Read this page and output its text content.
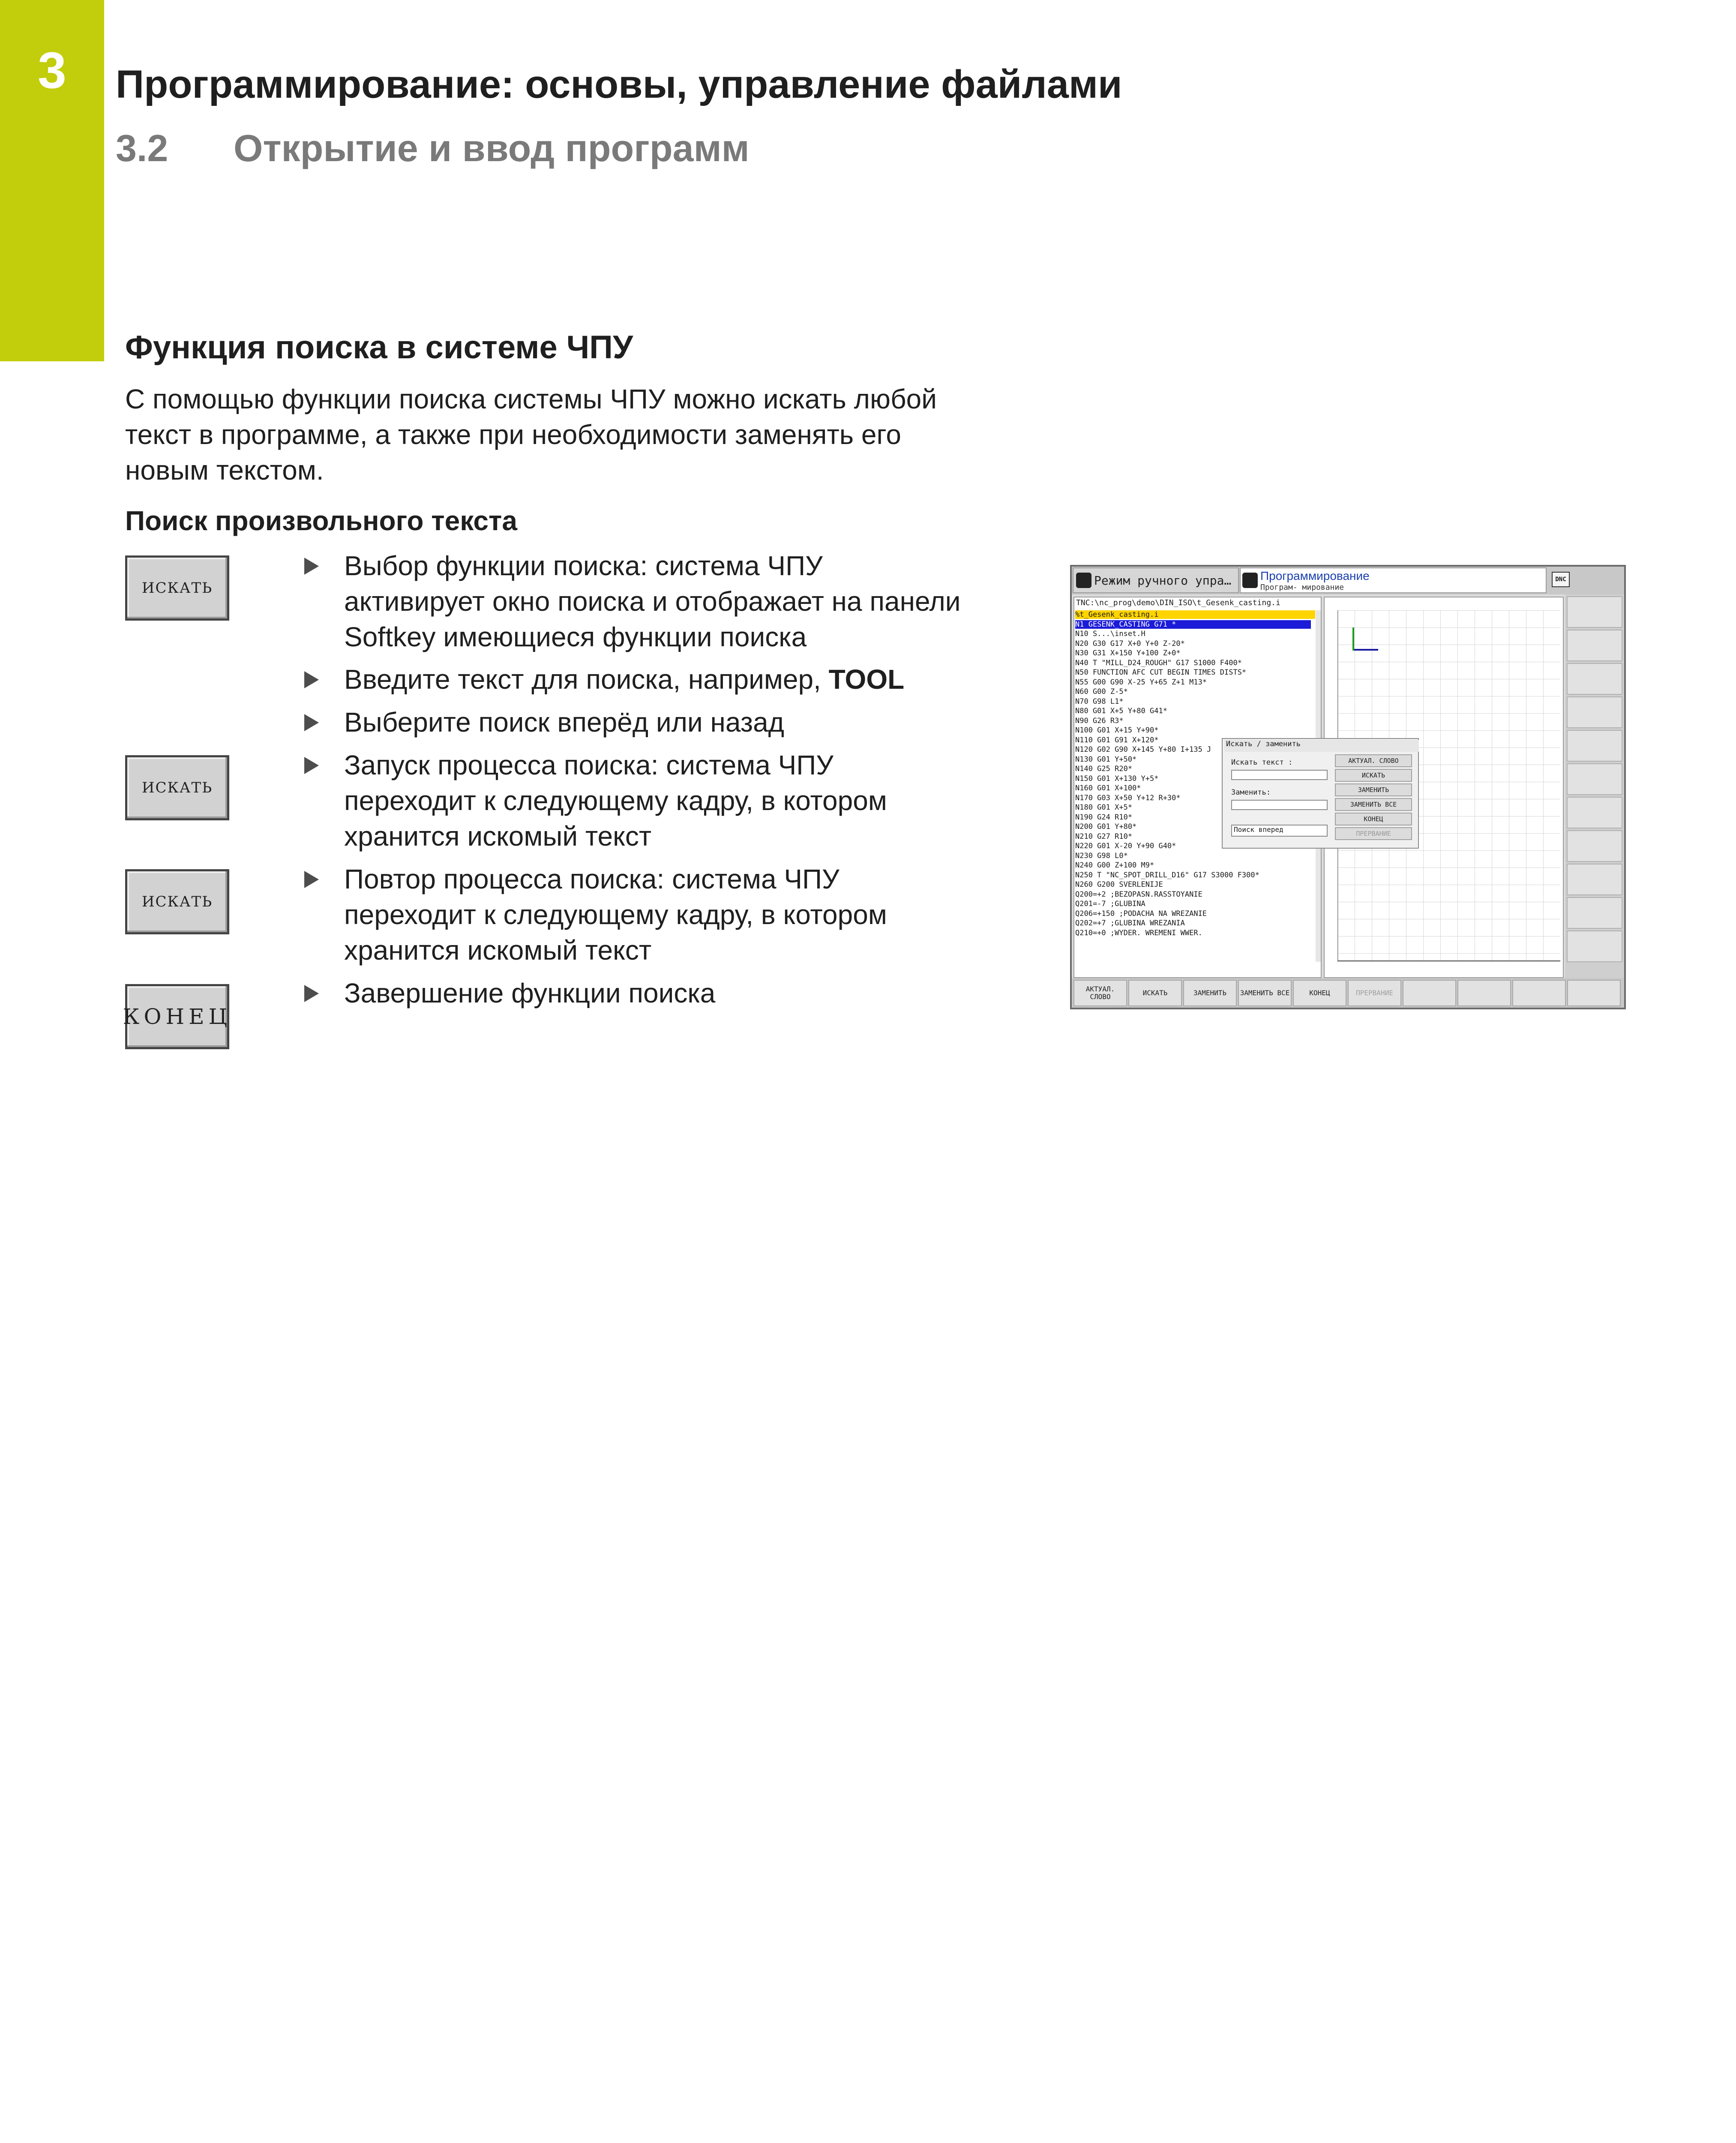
3	Программирование: основы, управление файлами
3.2 Открытие и ввод программ
Функция поиска в системе ЧПУ
С помощью функции поиска системы ЧПУ можно искать любой
текст в программе, а также при необходимости заменять его
новым текстом.
Поиск произвольного текста
ИСКАТЬ
ИСКАТЬ
ИСКАТЬ
КОНЕЦ
Выбор функции поиска: система ЧПУ
активирует окно поиска и отображает на панели
Softkey имеющиеся функции поиска
Введите текст для поиска, например, TOOL
Выберите поиск вперёд или назад
Запуск процесса поиска: система ЧПУ
переходит к следующему кадру, в котором
хранится искомый текст
Повтор процесса поиска: система ЧПУ
переходит к следующему кадру, в котором
хранится искомый текст
Завершение функции поиска
Режим ручного упра… Программирование
Програм- мирование
DNC
TNC:\nc_prog\demo\DIN_ISO\t_Gesenk_casting.i
%t_Gesenk_casting.i
N1 GESENK_CASTING G71 *
N10 S...\inset.H
N20 G30 G17 X+0 Y+0 Z-20*
N30 G31 X+150 Y+100 Z+0*
N40 T "MILL_D24_ROUGH" G17 S1000 F400*
N50 FUNCTION AFC CUT BEGIN TIMES DISTS*
N55 G00 G90 X-25 Y+65 Z+1 M13*
N60 G00 Z-5*
N70 G98 L1*
N80 G01 X+5 Y+80 G41*
N90 G26 R3*
N100 G01 X+15 Y+90*
N110 G01 G91 X+120*
N120 G02 G90 X+145 Y+80 I+135 J
N130 G01 Y+50*
N140 G25 R20*
N150 G01 X+130 Y+5*
N160 G01 X+100*
N170 G03 X+50 Y+12 R+30*
N180 G01 X+5*
N190 G24 R10*
N200 G01 Y+80*
N210 G27 R10*
N220 G01 X-20 Y+90 G40*
N230 G98 L0*
N240 G00 Z+100 M9*
N250 T "NC_SPOT_DRILL_D16" G17 S3000 F300*
N260 G200 SVERLENIJE
Q200=+2 ;BEZOPASN.RASSTOYANIE
Q201=-7 ;GLUBINA
Q206=+150 ;PODACHA NA WREZANIE
Q202=+7 ;GLUBINA WREZANIA
Q210=+0 ;WYDER. WREMENI WWER.
Искать / заменить
Искать текст :
Заменить:
Поиск вперед
АКТУАЛ. СЛОВО
ИСКАТЬ
ЗАМЕНИТЬ
ЗАМЕНИТЬ ВСЕ
КОНЕЦ
ПРЕРВАНИЕ
АКТУАЛ. СЛОВО	ИСКАТЬ	ЗАМЕНИТЬ	ЗАМЕНИТЬ ВСЕ	КОНЕЦ	ПРЕРВАНИЕ
